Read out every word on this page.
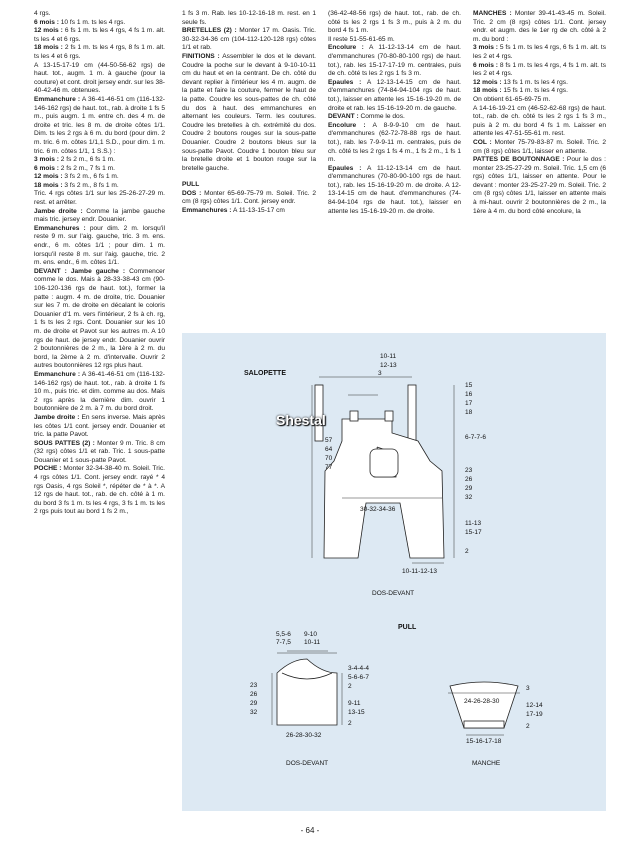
4 rgs.

6 mois : 10 fs 1 m. ts les 4 rgs.

12 mois : 6 fs 1 m. ts les 4 rgs, 4 fs 1 m. alt. ts les 4 et 6 rgs.

18 mois : 2 fs 1 m. ts les 4 rgs, 8 fs 1 m. alt. ts les 4 et 6 rgs.

A 13-15-17-19 cm (44-50-56-62 rgs) de haut. tot., augm. 1 m. à gauche (pour la couture) et cont. droit jersey endr. sur les 38-40-42-46 m. obtenues.

Emmanchure : A 36-41-46-51 cm (116-132-146-162 rgs) de haut. tot., rab. à droite 1 fs 5 m., puis augm. 1 m. entre ch. des 4 m. de droite et tric. les 8 m. de droite côtes 1/1. Dim. ts les 2 rgs à 6 m. du bord (pour dim. 2 m. tric. 6 m. côtes 1/1,1 S.D., pour dim. 1 m. tric. 6 m. côtes 1/1, 1 S.S.) :

3 mois : 2 fs 2 m., 6 fs 1 m.

6 mois : 2 fs 2 m., 7 fs 1 m.

12 mois : 3 fs 2 m., 6 fs 1 m.

18 mois : 3 fs 2 m., 8 fs 1 m.

Tric. 4 rgs côtes 1/1 sur les 25-26-27-29 m. rest. et arrêter.

Jambe droite : Comme la jambe gauche mais tric. jersey endr. Douanier.

Emmanchures : pour dim. 2 m. lorsqu'il reste 9 m. sur l'aig. gauche, tric. 3 m. ens. endr., 6 m. côtes 1/1 ; pour dim. 1 m. lorsqu'il reste 8 m. sur l'aig. gauche, tric. 2 m. ens. endr., 6 m. côtes 1/1.

DEVANT : Jambe gauche : Commencer comme le dos. Mais à 28-33-38-43 cm (90-106-120-136 rgs de haut. tot.), former la patte : augm. 4 m. de droite, tric. Douanier sur les 7 m. de droite en décalant le coloris Douanier d'1 m. vers l'intérieur, 2 fs à ch. rg, 1 fs ts les 2 rgs. Cont. Douanier sur les 10 m. de droite et Pavot sur les autres m. A 10 rgs de haut. de jersey endr. Douanier ouvrir 2 boutonnières de 2 m., la 1ère à 2 m. du bord, la 2ème à 2 m. d'intervalle. Ouvrir 2 autres boutonnières 12 rgs plus haut.

Emmanchure : A 36-41-46-51 cm (116-132-146-162 rgs) de haut. tot., rab. à droite 1 fs 10 m., puis tric. et dim. comme au dos. Mais 2 rgs après la dernière dim. ouvrir 1 boutonnière de 2 m. à 7 m. du bord droit.

Jambe droite : En sens inverse. Mais après les côtes 1/1 cont. jersey endr. Douanier et tric. la patte Pavot.

SOUS PATTES (2) : Monter 9 m. Tric. 8 cm (32 rgs) côtes 1/1 et rab. Tric. 1 sous-patte Douanier et 1 sous-patte Pavot.

POCHE : Monter 32-34-38-40 m. Soleil. Tric. 4 rgs côtes 1/1. Cont. jersey endr. rayé * 4 rgs Oasis, 4 rgs Soleil *, répéter de * à *. A 12 rgs de haut. tot., rab. de ch. côté à 1 m. du bord 3 fs 1 m. ts les 4 rgs, 3 fs 1 m. ts les 2 rgs puis tout au bord 1 fs 2 m.,

1 fs 3 m. Rab. les 10-12-16-18 m. rest. en 1 seule fs.

BRETELLES (2) : Monter 17 m. Oasis. Tric. 30-32-34-36 cm (104-112-120-128 rgs) côtes 1/1 et rab.

FINITIONS : Assembler le dos et le devant. Coudre la poche sur le devant à 9-10-10-11 cm du haut et en la centrant. De ch. côté du devant replier à l'intérieur les 4 m. augm. de la patte et faire la couture, fermer le haut de la patte. Coudre les sous-pattes de ch. côté du dos à haut. des emmanchures en alternant les couleurs. Term. les coutures. Coudre les bretelles à ch. extrémité du dos. Coudre 2 boutons rouges sur la sous-patte Douanier. Coudre 2 boutons bleus sur la sous-patte Pavot. Coudre 1 bouton bleu sur la bretelle droite et 1 bouton rouge sur la bretelle gauche.

PULL

DOS : Monter 65-69-75-79 m. Soleil. Tric. 2 cm (8 rgs) côtes 1/1. Cont. jersey endr.

Emmanchures : A 11-13-15-17 cm

(36-42-48-56 rgs) de haut. tot., rab. de ch. côté ts les 2 rgs 1 fs 3 m., puis à 2 m. du bord 4 fs 1 m.

Il reste 51-55-61-65 m.

Encolure : A 11-12-13-14 cm de haut. d'emmanchures (70-80-80-100 rgs) de haut. tot.), rab. les 15-17-17-19 m. centrales, puis de ch. côté ts les 2 rgs 1 fs 3 m.

Epaules : A 12-13-14-15 cm de haut. d'emmanchures (74-84-94-104 rgs de haut. tot.), laisser en attente les 15-16-19-20 m. de droite et rab. les 15-16-19-20 m. de gauche.

DEVANT : Comme le dos.

Encolure : A 8-9-9-10 cm de haut. d'emmanchures (62-72-78-88 rgs de haut. tot.), rab. les 7-9-9-11 m. centrales, puis de ch. côté ts les 2 rgs 1 fs 4 m., 1 fs 2 m., 1 fs 1 m.

Epaules : A 11-12-13-14 cm de haut. d'emmanchures (70-80-90-100 rgs de haut. tot.), rab. les 15-16-19-20 m. de droite. A 12-13-14-15 cm de haut. d'emmanchures (74-84-94-104 rgs de haut. tot.), laisser en attente les 15-16-19-20 m. de droite.

MANCHES : Monter 39-41-43-45 m. Soleil. Tric. 2 cm (8 rgs) côtes 1/1. Cont. jersey endr. et augm. des le 1er rg de ch. côté à 2 m. du bord :

3 mois : 5 fs 1 m. ts les 4 rgs, 6 fs 1 m. alt. ts les 2 et 4 rgs.

6 mois : 8 fs 1 m. ts les 4 rgs, 4 fs 1 m. alt. ts les 2 et 4 rgs.

12 mois : 13 fs 1 m. ts les 4 rgs.

18 mois : 15 fs 1 m. ts les 4 rgs.

On obtient 61-65-69-75 m.

A 14-16-19-21 cm (46-52-62-68 rgs) de haut. tot., rab. de ch. côté ts les 2 rgs 1 fs 3 m., puis à 2 m. du bord 4 fs 1 m. Laisser en attente les 47-51-55-61 m. rest.

COL : Monter 75-79-83-87 m. Soleil. Tric. 2 cm (8 rgs) côtes 1/1, laisser en attente.

PATTES DE BOUTONNAGE : Pour le dos : monter 23-25-27-29 m. Soleil. Tric. 1,5 cm (6 rgs) côtes 1/1, laisser en attente. Pour le devant : monter 23-25-27-29 m. Soleil. Tric. 2 cm (8 rgs) côtes 1/1, laisser en attente mais à mi-haut. ouvrir 2 boutonnières de 2 m., la 1ère à 4 m. du bord côté encolure, la

SALOPETTE
10-11
12-13
3
57
64
70
77
15
16
17
18
6-7-7-6
23
26
29
32
11-13
15-17
2
30-32-34-36
10-11-12-13
DOS-DEVANT
PULL
5,5-6
7-7,5
9-10
10-11
23
26
29
32
3-4-4-4
5-6-6-7
2
9-11
13-15
2
26-28-30-32
DOS-DEVANT
24-26-28-30
3
12-14
17-19
2
15-16-17-18
MANCHE
Shestal
- 64 -
